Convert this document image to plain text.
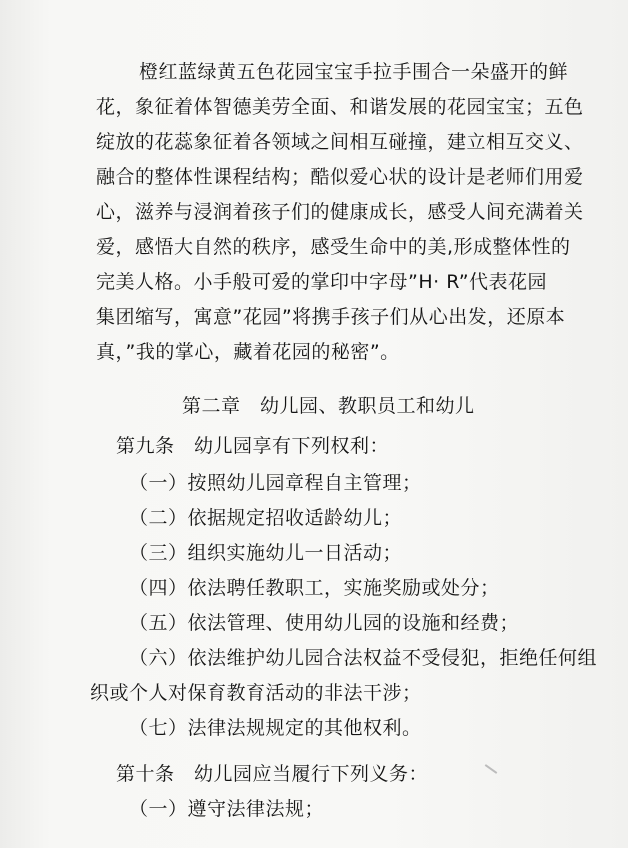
橙红蓝绿黄五色花园宝宝手拉手围合一朵盛开的鲜
花，象征着体智德美劳全面、和谐发展的花园宝宝；五色
绽放的花蕊象征着各领域之间相互碰撞，建立相互交义、
融合的整体性课程结构；酷似爱心状的设计是老师们用爱
心，滋养与浸润着孩子们的健康成长，感受人间充满着关
爱，感悟大自然的秩序，感受生命中的美,形成整体性的
完美人格。小手般可爱的掌印中字母”H· R”代表花园
集团缩写，寓意”花园”将携手孩子们从心出发，还原本
真，”我的掌心，藏着花园的秘密”。
第二章　幼儿园、教职员工和幼儿
第九条　幼儿园享有下列权利：
（一）按照幼儿园章程自主管理；
（二）依据规定招收适龄幼儿；
（三）组织实施幼儿一日活动；
（四）依法聘任教职工，实施奖励或处分；
（五）依法管理、使用幼儿园的设施和经费；
（六）依法维护幼儿园合法权益不受侵犯，拒绝任何组
织或个人对保育教育活动的非法干涉；
（七）法律法规规定的其他权利。
第十条　幼儿园应当履行下列义务：
（一）遵守法律法规；
